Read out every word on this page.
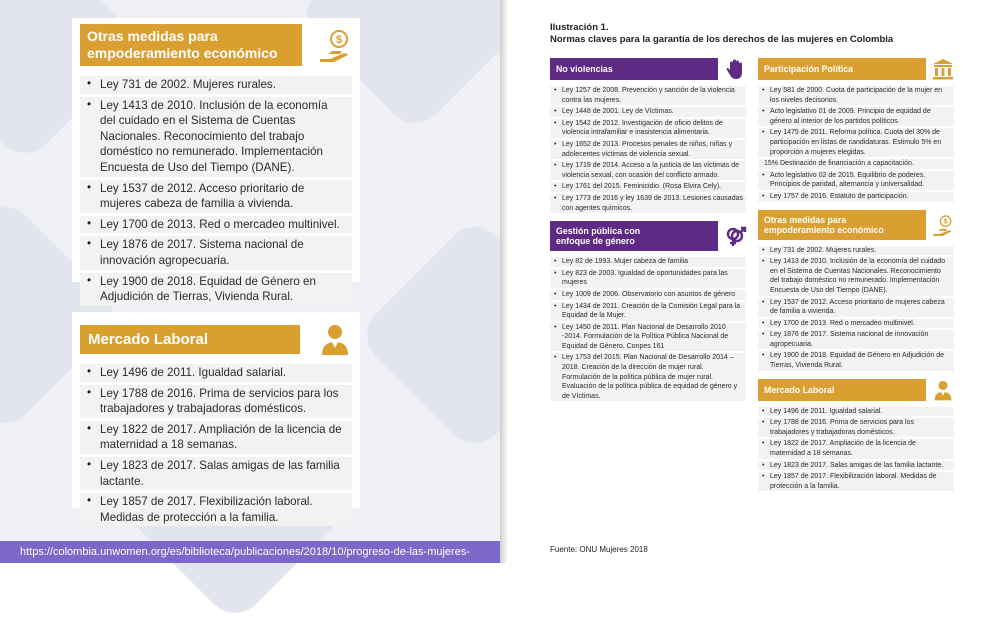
Otras medidas para
empoderamiento económico
$
• Ley 731 de 2002. Mujeres rurales.
• Ley 1413 de 2010. Inclusión de la economía del cuidado en el Sistema de Cuentas Nacionales. Reconocimiento del trabajo doméstico no remunerado. Implementación Encuesta de Uso del Tiempo (DANE).
• Ley 1537 de 2012. Acceso prioritario de mujeres cabeza de familia a vivienda.
• Ley 1700 de 2013. Red o mercadeo multinivel.
• Ley 1876 de 2017. Sistema nacional de innovación agropecuaria.
• Ley 1900 de 2018. Equidad de Género en Adjudición de Tierras, Vivienda Rural.
Mercado Laboral
• Ley 1496 de 2011. Igualdad salarial.
• Ley 1788 de 2016. Prima de servicios para los trabajadores y trabajadoras domésticos.
• Ley 1822 de 2017. Ampliación de la licencia de maternidad a 18 semanas.
• Ley 1823 de 2017. Salas amigas de las familia lactante.
• Ley 1857 de 2017. Flexibilización laboral. Medidas de protección a la familia.
https://colombia.unwomen.org/es/biblioteca/publicaciones/2018/10/progreso-de-las-mujeres-2018
Ilustración 1.
Normas claves para la garantía de los derechos de las mujeres en Colombia
No violencias
• Ley 1257 de 2008. Prevención y sanción de la violencia contra las mujeres.
• Ley 1448 de 2001. Ley de Víctimas.
• Ley 1542 de 2012. Investigación de oficio delitos de violencia intrafamiliar e inasistencia alimentaria.
• Ley 1652 de 2013. Procesos penales de niños, niñas y adolecentes víctimas de violencia sexual.
• Ley 1719 de 2014. Acceso a la justicia de las víctimas de violencia sexual, con ocasión del conflicto armado.
• Ley 1761 del 2015. Feminicidio. (Rosa Elvira Cely).
• Ley 1773 de 2016 y ley 1639 de 2013. Lesiones causadas con agentes químicos.
Gestión pública con
enfoque de género
• Ley 82 de 1993. Mujer cabeza de familia
• Ley 823 de 2003. Igualdad de oportunidades para las mujeres
• Ley 1009 de 2006. Observatorio con asuntos de género
• Ley 1434 de 2011. Creación de la Comisión Legal para la Equidad de la Mujer.
• Ley 1450 de 2011. Plan Nacional de Desarrollo 2010 -2014. Formulación de la Política Pública Nacional de Equidad de Género. Conpes 161
• Ley 1753 del 2015. Plan Nacional de Desarrollo 2014 – 2018. Creación de la dirección de mujer rural. Formulación de la política pública de mujer rural. Evaluación de la política pública de equidad de género y de Víctimas.
Participación Política
• Ley 581 de 2000. Cuota de participación de la mujer en los niveles decisorios.
• Acto legislativo 01 de 2009. Principio de equidad de género al interior de los partidos políticos.
• Ley 1475 de 2011. Reforma política. Cuota del 30% de participación en listas de candidaturas. Estimulo 5% en proporción a mujeres elegidas.
15% Destinación de financiación a capacitación.
• Acto legislativo 02 de 2015. Equilibrio de poderes. Principios de paridad, alternancia y universalidad.
• Ley 1757 de 2016. Estatuto de participación.
Otras medidas para
empoderamiento económico
$
• Ley 731 de 2002. Mujeres rurales.
• Ley 1413 de 2010. Inclusión de la economía del cuidado en el Sistema de Cuentas Nacionales. Reconocimiento del trabajo doméstico no remunerado. Implementación Encuesta de Uso del Tiempo (DANE).
• Ley 1537 de 2012. Acceso prioritario de mujeres cabeza de familia a vivienda.
• Ley 1700 de 2013. Red o mercadeo multinivel.
• Ley 1876 de 2017. Sistema nacional de innovación agropecuaria.
• Ley 1900 de 2018. Equidad de Género en Adjudición de Tierras, Vivienda Rural.
Mercado Laboral
• Ley 1496 de 2011. Igualdad salarial.
• Ley 1788 de 2016. Prima de servicios para los trabajadores y trabajadoras domésticos.
• Ley 1822 de 2017. Ampliación de la licencia de maternidad a 18 semanas.
• Ley 1823 de 2017. Salas amigas de las familia lactante.
• Ley 1857 de 2017. Flexibilización laboral. Medidas de protección a la familia.
Fuente: ONU Mujeres 2018
